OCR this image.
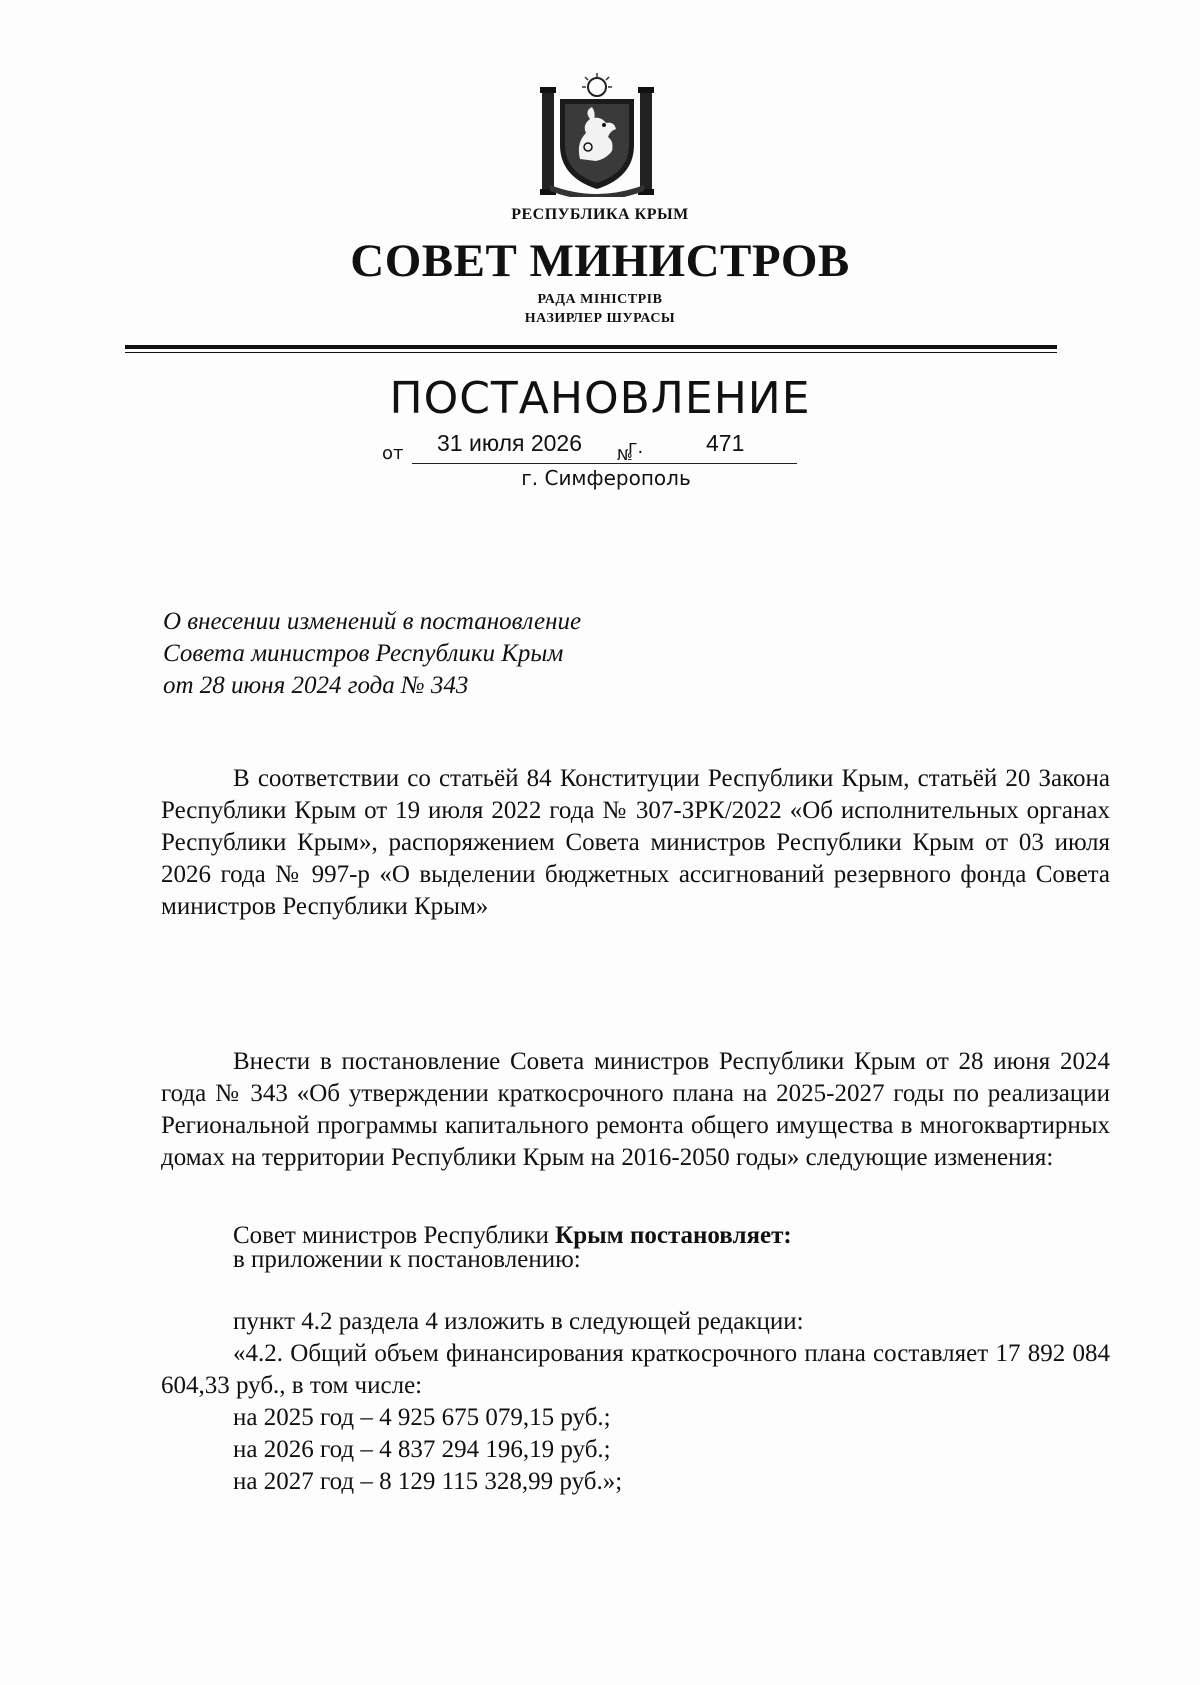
РЕСПУБЛИКА КРЫМ
СОВЕТ МИНИСТРОВ
РАДА МІНІСТРІВ
НАЗИРЛЕР ШУРАСЫ
ПОСТАНОВЛЕНИЕ
от 31 июля 2026 №
г.	471
г. Симферополь
О внесении изменений в постановление
Совета министров Республики Крым
от 28 июня 2024 года № 343
В соответствии со статьёй 84 Конституции Республики Крым, статьёй 20 Закона Республики Крым от 19 июля 2022 года № 307-ЗРК/2022 «Об исполнительных органах Республики Крым», распоряжением Совета министров Республики Крым от 03 июля 2026 года № 997-р «О выделении бюджетных ассигнований резервного фонда Совета министров Республики Крым»
Совет министров Республики Крым постановляет:
Внести в постановление Совета министров Республики Крым от 28 июня 2024 года № 343 «Об утверждении краткосрочного плана на 2025-2027 годы по реализации Региональной программы капитального ремонта общего имущества в многоквартирных домах на территории Республики Крым на 2016-2050 годы» следующие изменения:
в приложении к постановлению:
пункт 4.2 раздела 4 изложить в следующей редакции:
«4.2. Общий объем финансирования краткосрочного плана составляет 17 892 084 604,33 руб., в том числе:
на 2025 год – 4 925 675 079,15 руб.;
на 2026 год – 4 837 294 196,19 руб.;
на 2027 год – 8 129 115 328,99 руб.»;
